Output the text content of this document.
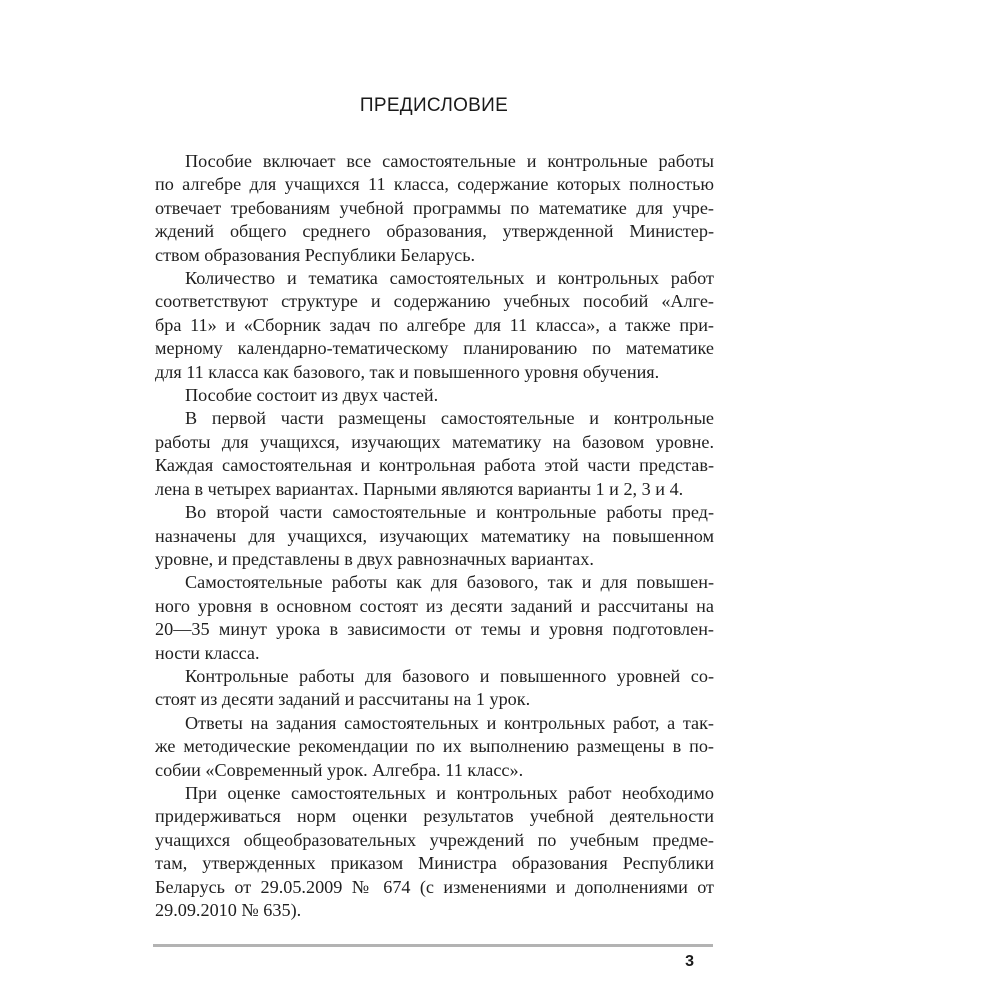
ПРЕДИСЛОВИЕ
Пособие включает все самостоятельные и контрольные работы
по алгебре для учащихся 11 класса, содержание которых полностью
отвечает требованиям учебной программы по математике для учре-
ждений общего среднего образования, утвержденной Министер-
ством образования Республики Беларусь.
Количество и тематика самостоятельных и контрольных работ
соответствуют структуре и содержанию учебных пособий «Алге-
бра 11» и «Сборник задач по алгебре для 11 класса», а также при-
мерному календарно-тематическому планированию по математике
для 11 класса как базового, так и повышенного уровня обучения.
Пособие состоит из двух частей.
В первой части размещены самостоятельные и контрольные
работы для учащихся, изучающих математику на базовом уровне.
Каждая самостоятельная и контрольная работа этой части представ-
лена в четырех вариантах. Парными являются варианты 1 и 2, 3 и 4.
Во второй части самостоятельные и контрольные работы пред-
назначены для учащихся, изучающих математику на повышенном
уровне, и представлены в двух равнозначных вариантах.
Самостоятельные работы как для базового, так и для повышен-
ного уровня в основном состоят из десяти заданий и рассчитаны на
20—35 минут урока в зависимости от темы и уровня подготовлен-
ности класса.
Контрольные работы для базового и повышенного уровней со-
стоят из десяти заданий и рассчитаны на 1 урок.
Ответы на задания самостоятельных и контрольных работ, а так-
же методические рекомендации по их выполнению размещены в по-
собии «Современный урок. Алгебра. 11 класс».
При оценке самостоятельных и контрольных работ необходимо
придерживаться норм оценки результатов учебной деятельности
учащихся общеобразовательных учреждений по учебным предме-
там, утвержденных приказом Министра образования Республики
Беларусь от 29.05.2009 № 674 (с изменениями и дополнениями от
29.09.2010 № 635).
3
